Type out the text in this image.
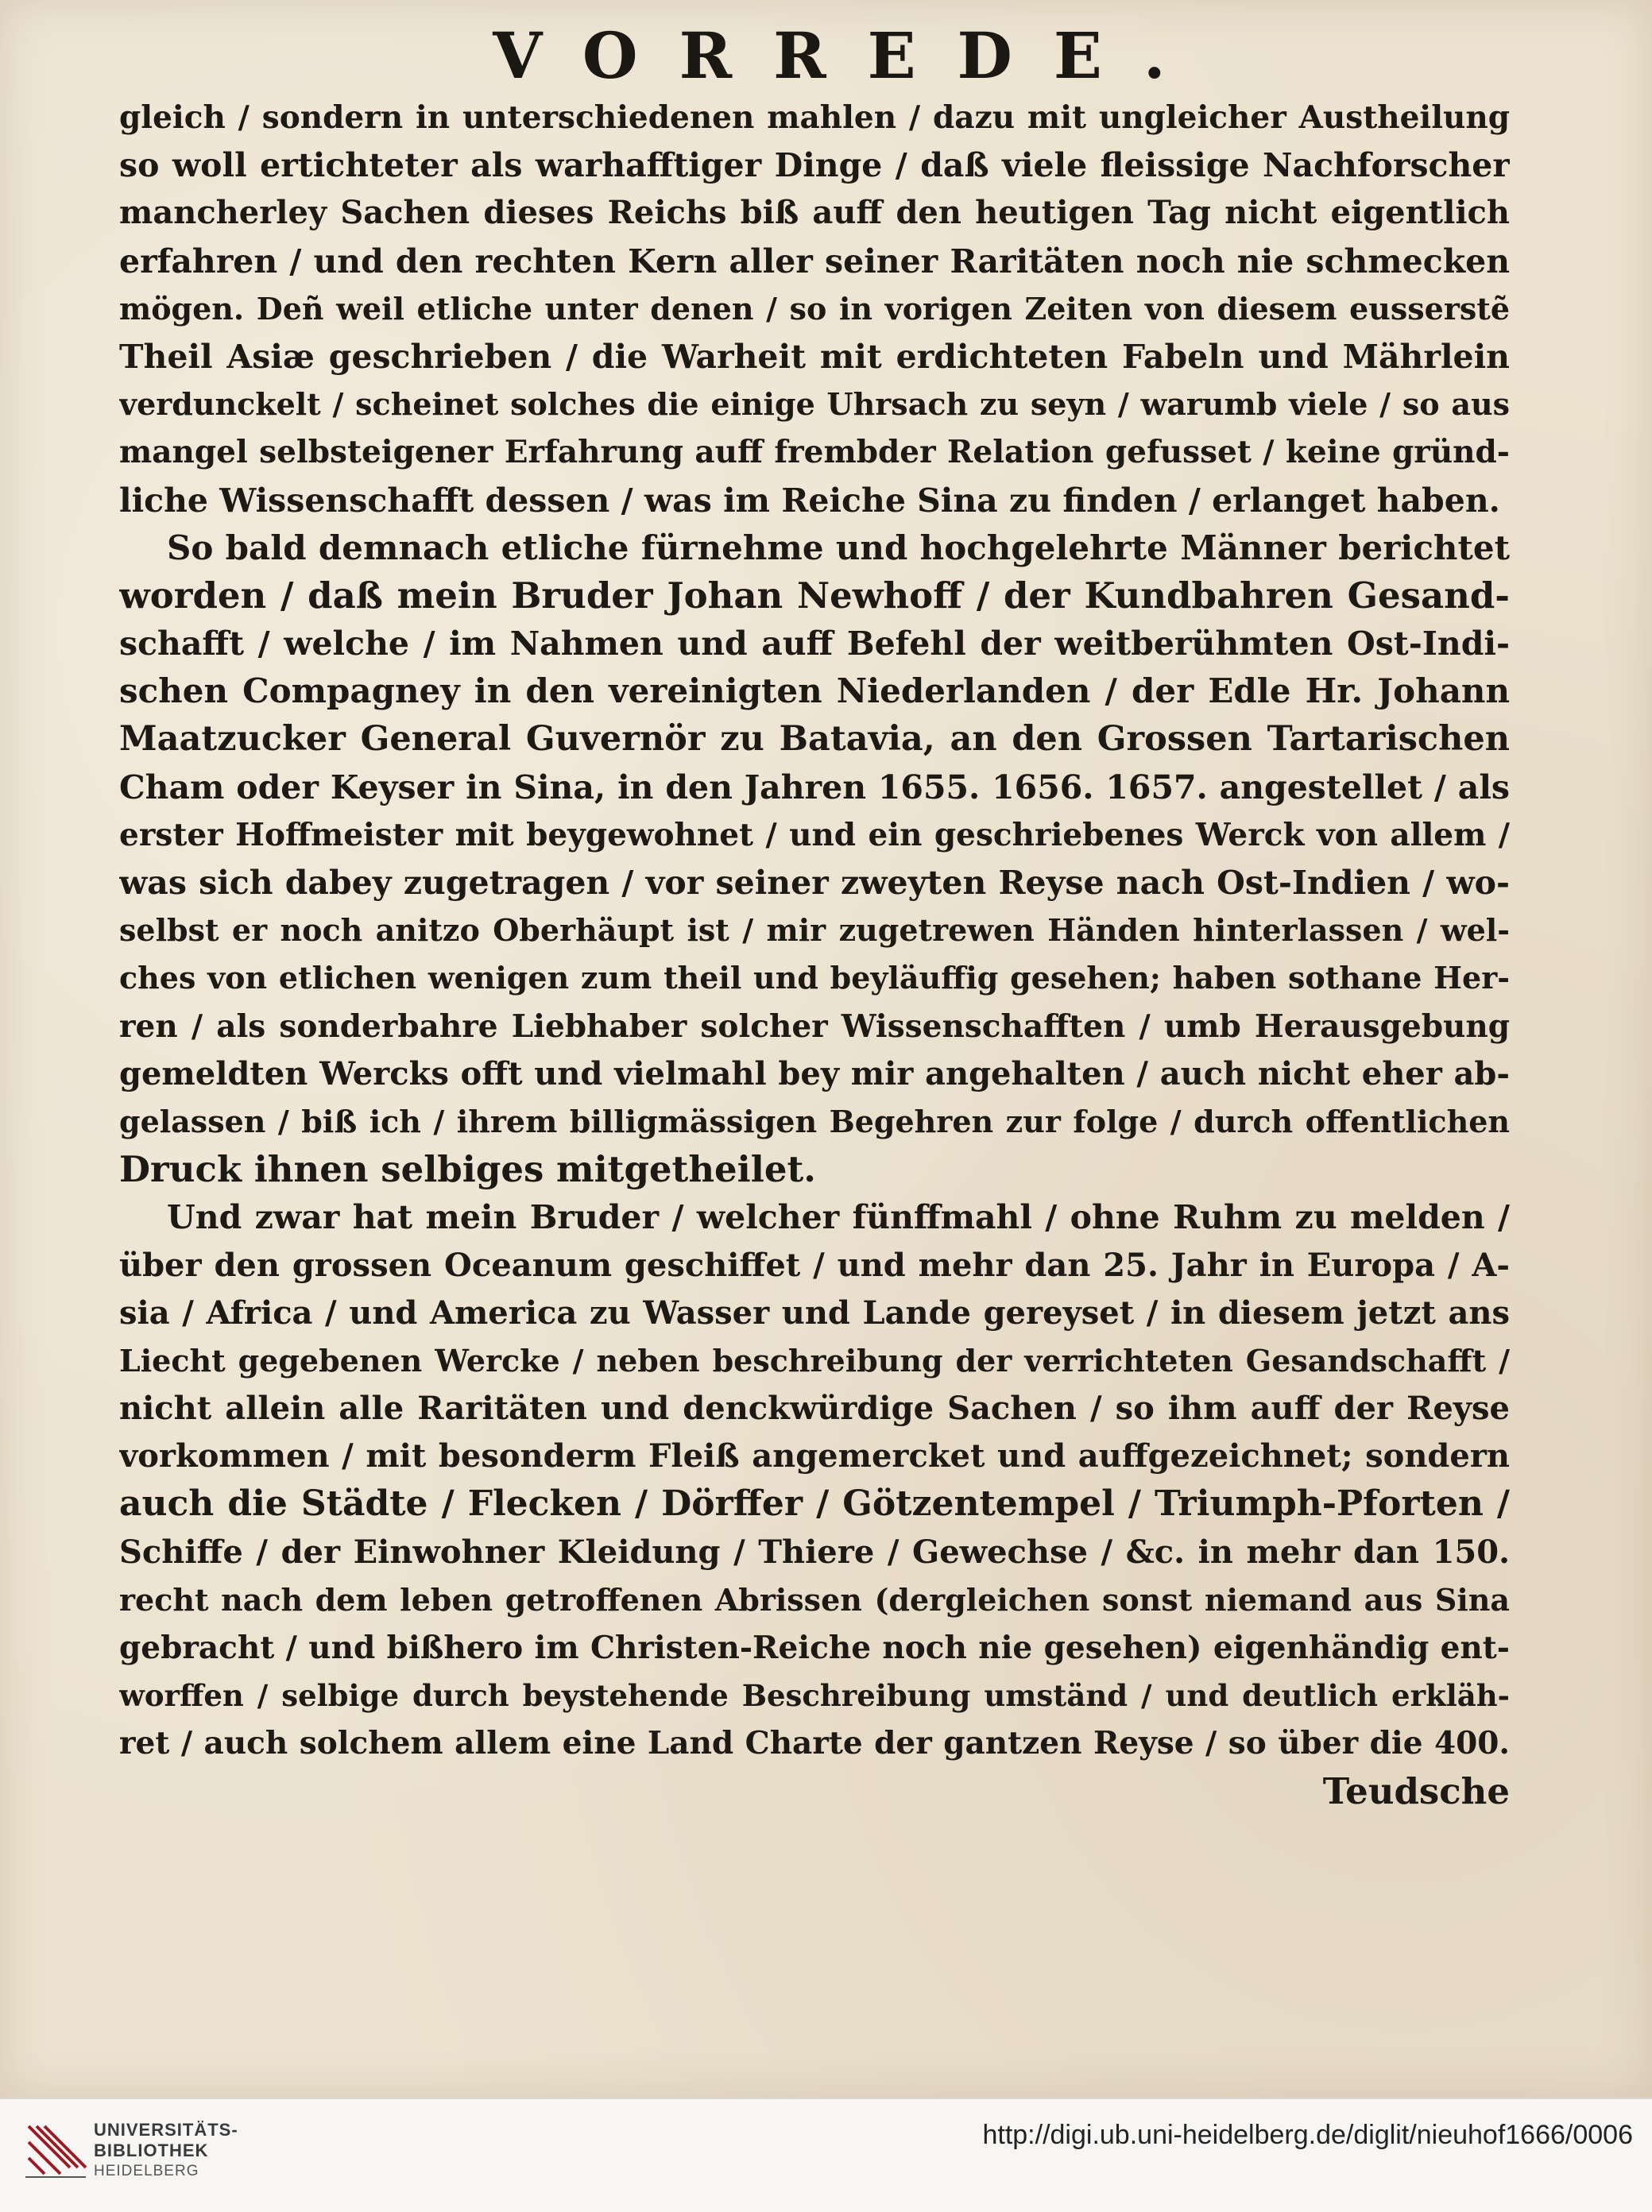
VORREDE.
gleich / sondern in unterschiedenen mahlen / dazu mit ungleicher Austheilung
so woll ertichteter als warhafftiger Dinge / daß viele fleissige Nachforscher
mancherley Sachen dieses Reichs biß auff den heutigen Tag nicht eigentlich
erfahren / und den rechten Kern aller seiner Raritäten noch nie schmecken
mögen. Deñ weil etliche unter denen / so in vorigen Zeiten von diesem eusserstẽ
Theil Asiæ geschrieben / die Warheit mit erdichteten Fabeln und Mährlein
verdunckelt / scheinet solches die einige Uhrsach zu seyn / warumb viele / so aus
mangel selbsteigener Erfahrung auff frembder Relation gefusset / keine gründ-
liche Wissenschafft dessen / was im Reiche Sina zu finden / erlanget haben.
So bald demnach etliche fürnehme und hochgelehrte Männer berichtet
worden / daß mein Bruder Johan Newhoff / der Kundbahren Gesand-
schafft / welche / im Nahmen und auff Befehl der weitberühmten Ost-Indi-
schen Compagney in den vereinigten Niederlanden / der Edle Hr. Johann
Maatzucker General Guvernör zu Batavia, an den Grossen Tartarischen
Cham oder Keyser in Sina, in den Jahren 1655. 1656. 1657. angestellet / als
erster Hoffmeister mit beygewohnet / und ein geschriebenes Werck von allem /
was sich dabey zugetragen / vor seiner zweyten Reyse nach Ost-Indien / wo-
selbst er noch anitzo Oberhäupt ist / mir zugetrewen Händen hinterlassen / wel-
ches von etlichen wenigen zum theil und beyläuffig gesehen; haben sothane Her-
ren / als sonderbahre Liebhaber solcher Wissenschafften / umb Herausgebung
gemeldten Wercks offt und vielmahl bey mir angehalten / auch nicht eher ab-
gelassen / biß ich / ihrem billigmässigen Begehren zur folge / durch offentlichen
Druck ihnen selbiges mitgetheilet.
Und zwar hat mein Bruder / welcher fünffmahl / ohne Ruhm zu melden /
über den grossen Oceanum geschiffet / und mehr dan 25. Jahr in Europa / A-
sia / Africa / und America zu Wasser und Lande gereyset / in diesem jetzt ans
Liecht gegebenen Wercke / neben beschreibung der verrichteten Gesandschafft /
nicht allein alle Raritäten und denckwürdige Sachen / so ihm auff der Reyse
vorkommen / mit besonderm Fleiß angemercket und auffgezeichnet; sondern
auch die Städte / Flecken / Dörffer / Götzentempel / Triumph-Pforten /
Schiffe / der Einwohner Kleidung / Thiere / Gewechse / &c. in mehr dan 150.
recht nach dem leben getroffenen Abrissen (dergleichen sonst niemand aus Sina
gebracht / und bißhero im Christen-Reiche noch nie gesehen) eigenhändig ent-
worffen / selbige durch beystehende Beschreibung umständ / und deutlich erkläh-
ret / auch solchem allem eine Land Charte der gantzen Reyse / so über die 400.
Teudsche
UNIVERSITÄTS-
BIBLIOTHEK
HEIDELBERG
http://digi.ub.uni-heidelberg.de/diglit/nieuhof1666/0006
